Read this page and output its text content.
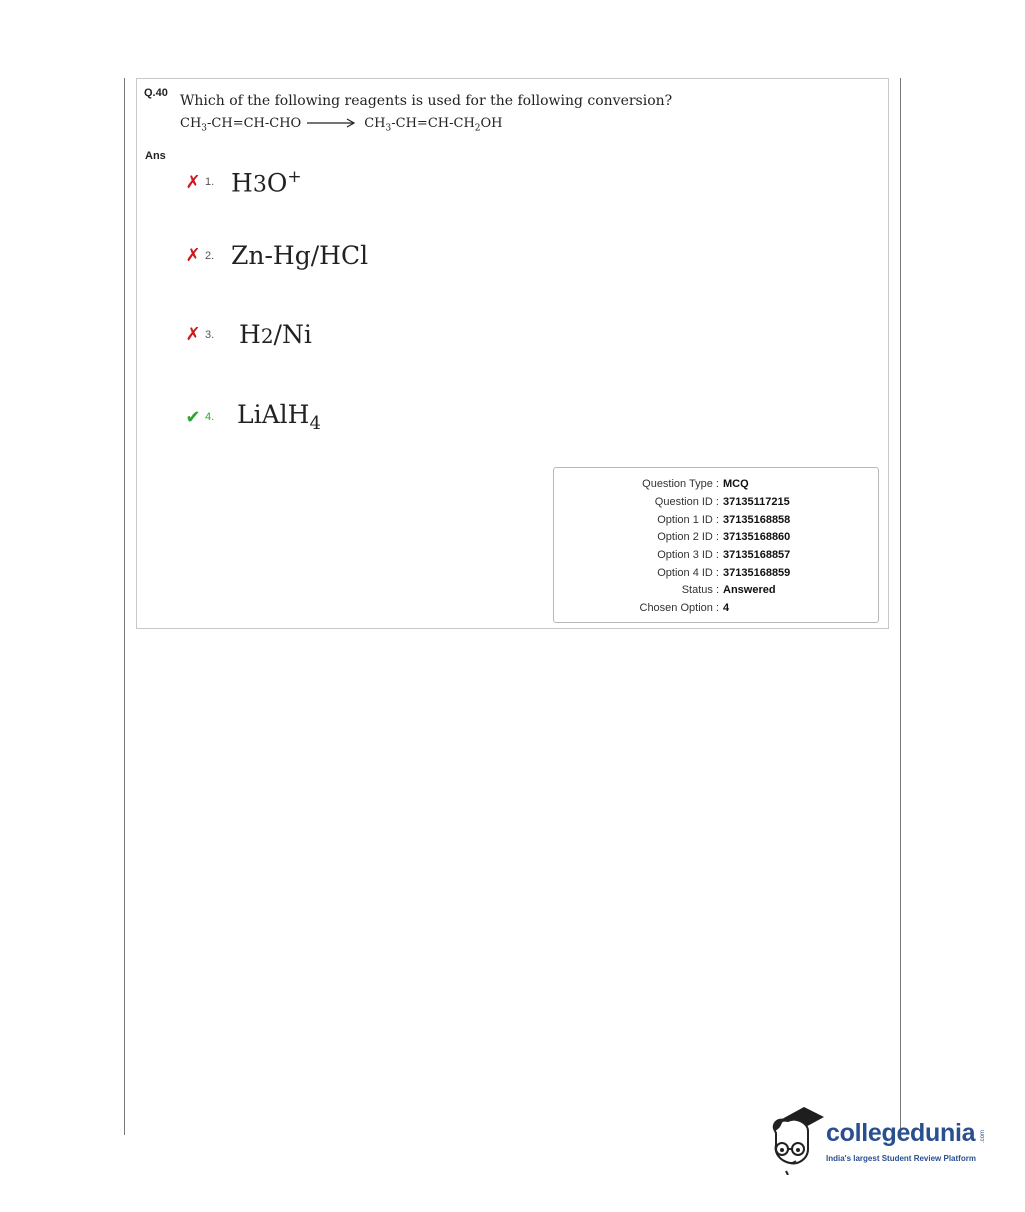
Q.40 Which of the following reagents is used for the following conversion?
$CH_3-CH=CH$-CHO → $CH_3-CH=CH-CH_2OH$
Ans
✗ 1. H3O+
✗ 2. Zn-Hg/HCl
✗ 3. H2/Ni
✔ 4. LiAlH$_4$
Question Type : MCQ
Question ID : 37135117215
Option 1 ID : 37135168858
Option 2 ID : 37135168860
Option 3 ID : 37135168857
Option 4 ID : 37135168859
Status : Answered
Chosen Option : 4
collegedunia .com
India's largest Student Review Platform
